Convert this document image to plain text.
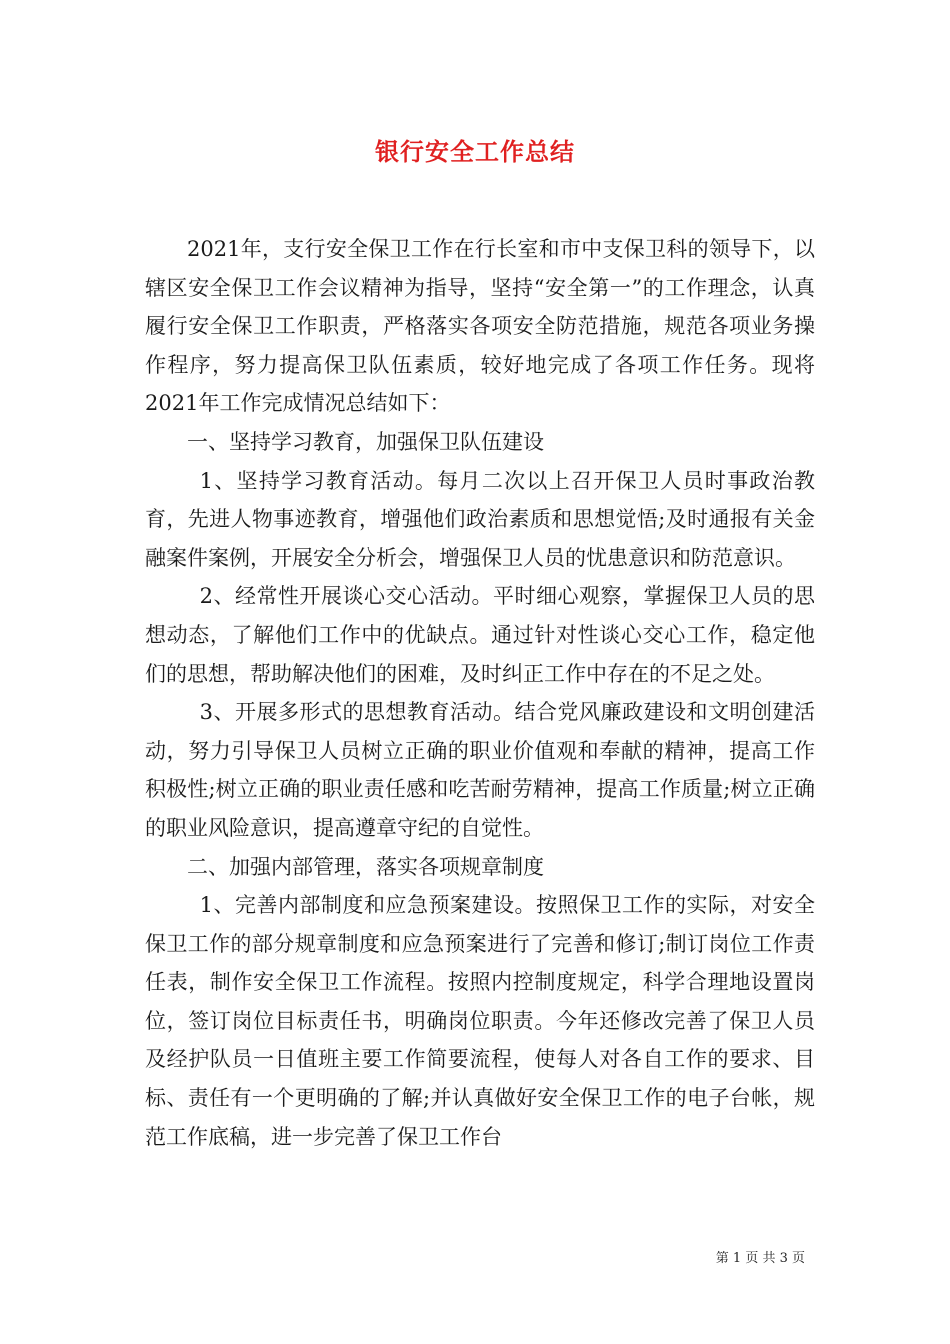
银行安全工作总结

2021年，支行安全保卫工作在行长室和市中支保卫科的领导下，以辖区安全保卫工作会议精神为指导，坚持“安全第一”的工作理念，认真履行安全保卫工作职责，严格落实各项安全防范措施，规范各项业务操作程序，努力提高保卫队伍素质，较好地完成了各项工作任务。现将2021年工作完成情况总结如下：

一、坚持学习教育，加强保卫队伍建设

1、坚持学习教育活动。每月二次以上召开保卫人员时事政治教育，先进人物事迹教育，增强他们政治素质和思想觉悟;及时通报有关金融案件案例，开展安全分析会，增强保卫人员的忧患意识和防范意识。

2、经常性开展谈心交心活动。平时细心观察，掌握保卫人员的思想动态，了解他们工作中的优缺点。通过针对性谈心交心工作，稳定他们的思想，帮助解决他们的困难，及时纠正工作中存在的不足之处。

3、开展多形式的思想教育活动。结合党风廉政建设和文明创建活动，努力引导保卫人员树立正确的职业价值观和奉献的精神，提高工作积极性;树立正确的职业责任感和吃苦耐劳精神，提高工作质量;树立正确的职业风险意识，提高遵章守纪的自觉性。

二、加强内部管理，落实各项规章制度

1、完善内部制度和应急预案建设。按照保卫工作的实际，对安全保卫工作的部分规章制度和应急预案进行了完善和修订;制订岗位工作责任表，制作安全保卫工作流程。按照内控制度规定，科学合理地设置岗位，签订岗位目标责任书，明确岗位职责。今年还修改完善了保卫人员及经护队员一日值班主要工作简要流程，使每人对各自工作的要求、目标、责任有一个更明确的了解;并认真做好安全保卫工作的电子台帐，规范工作底稿，进一步完善了保卫工作台

第 1 页 共 3 页
